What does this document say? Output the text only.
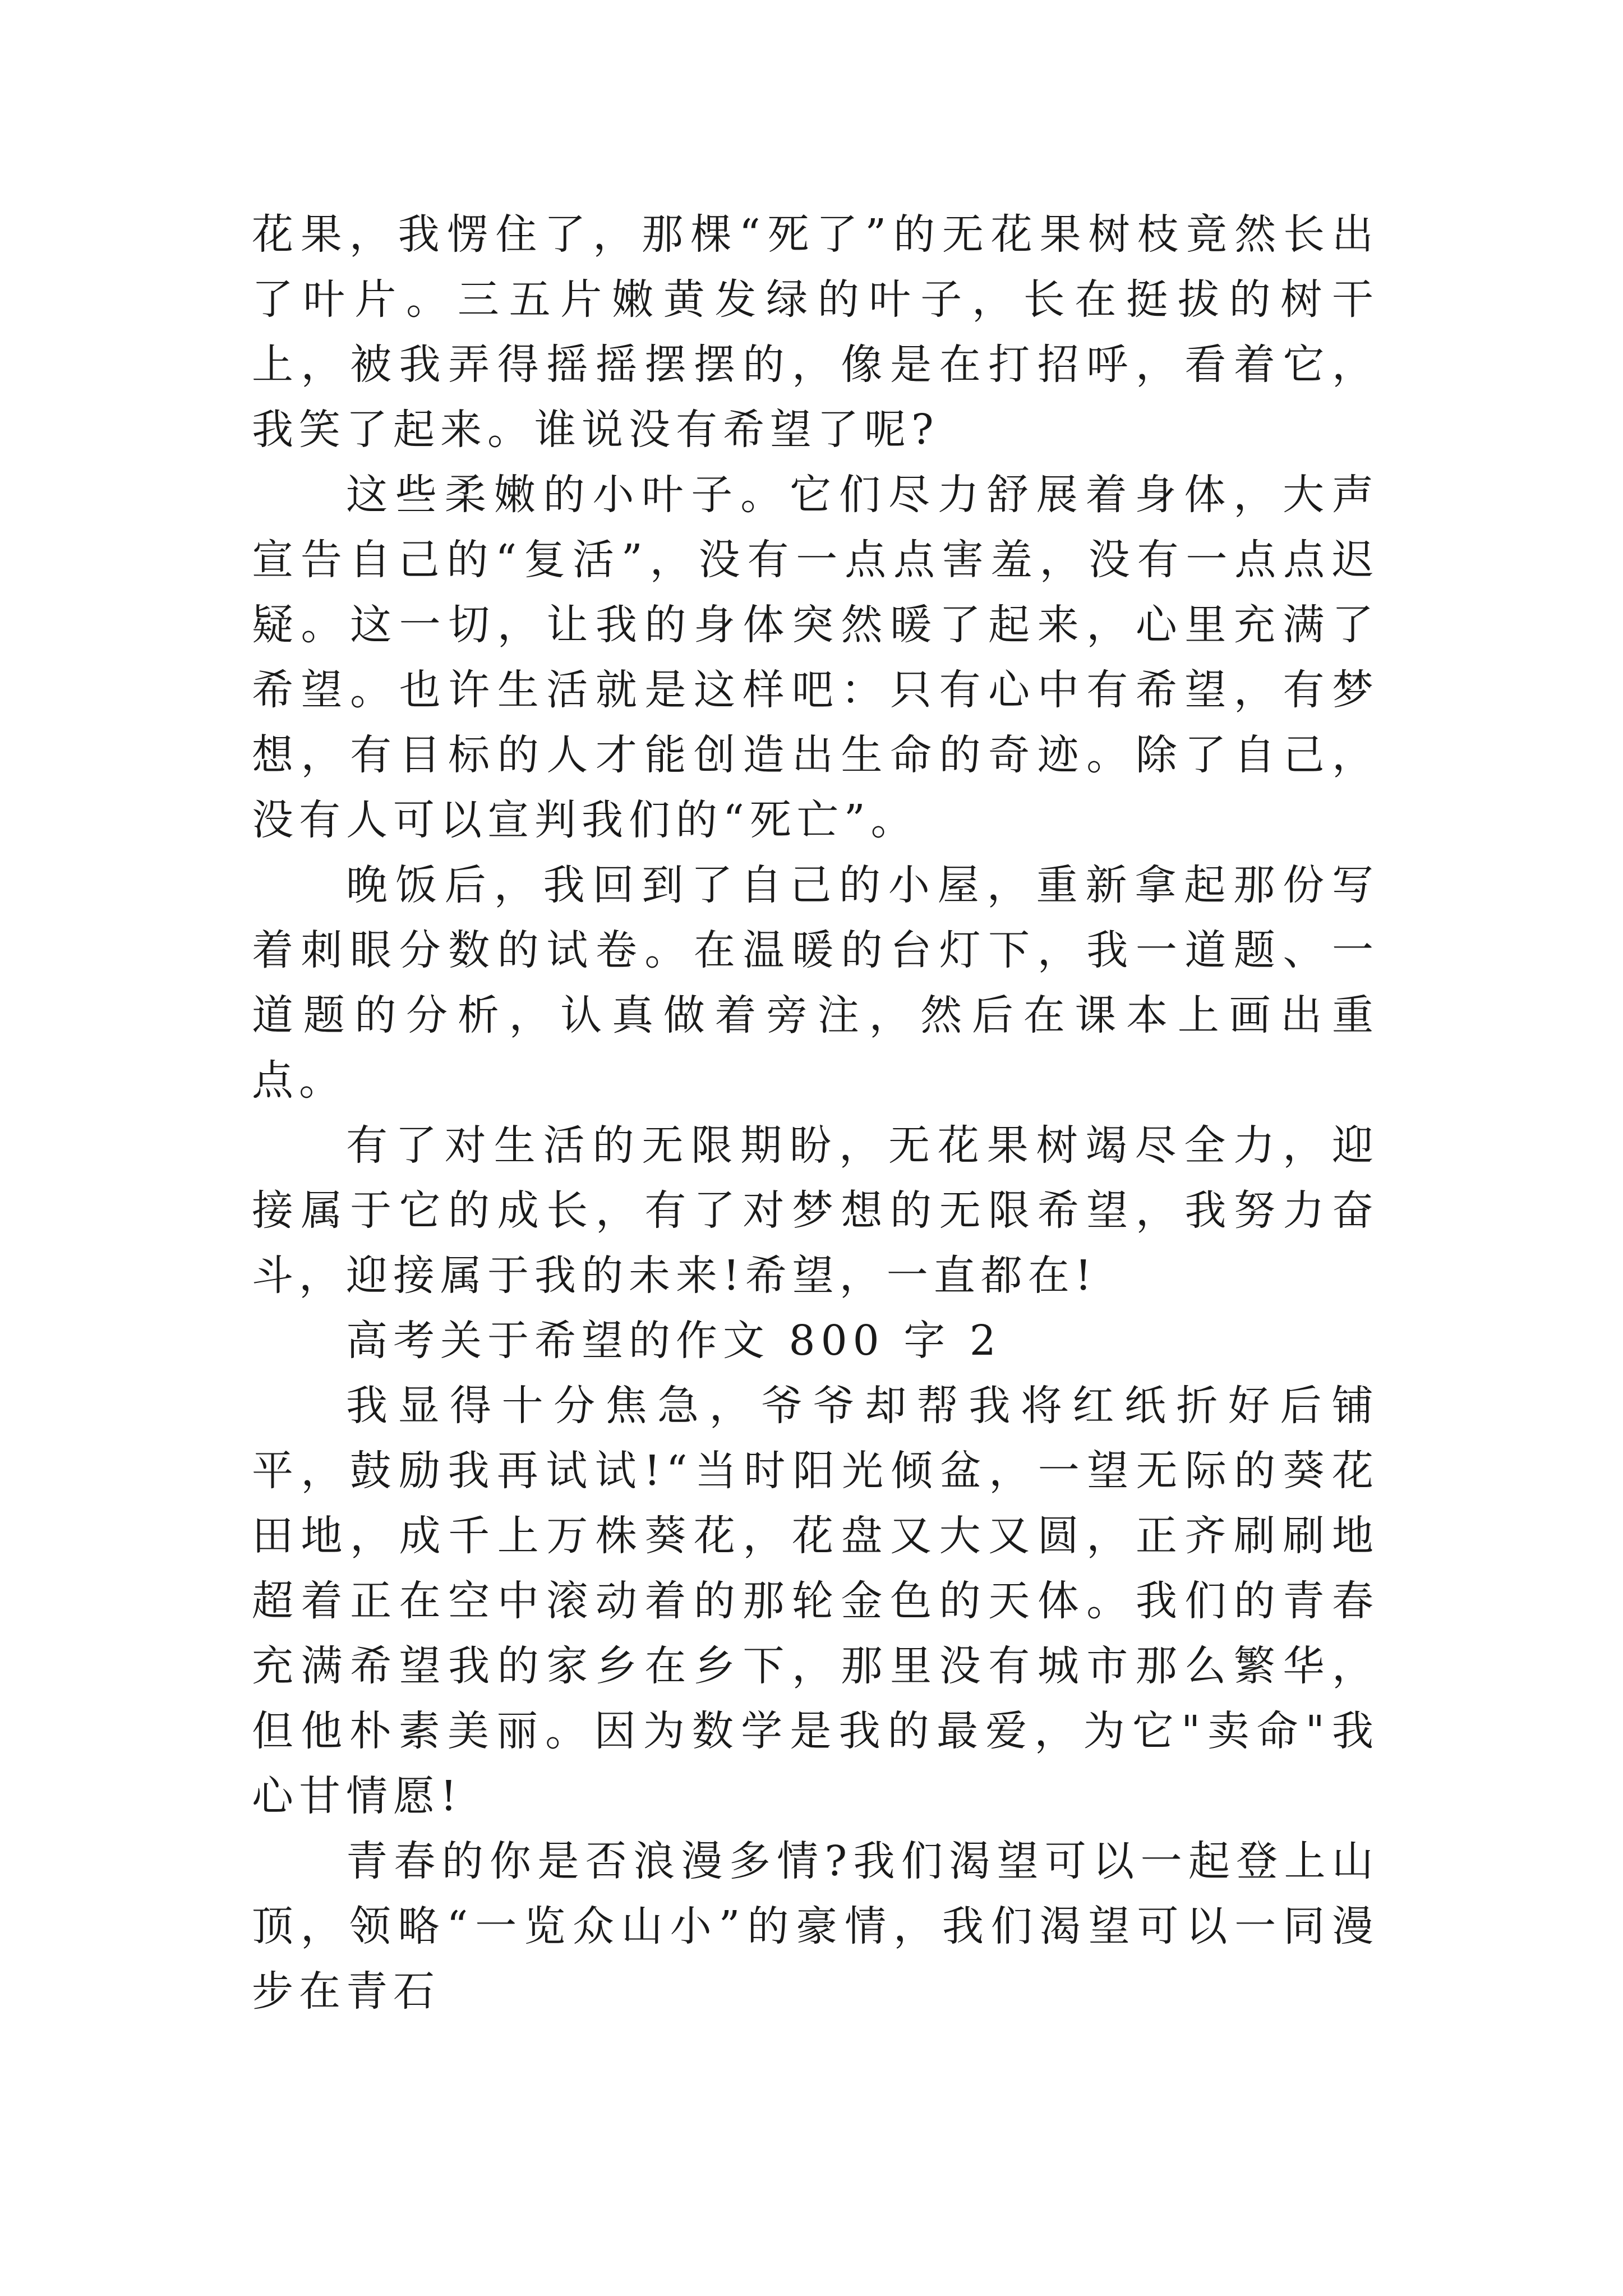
花果，我愣住了，那棵“死了”的无花果树枝竟然长出了叶片。三五片嫩黄发绿的叶子，长在挺拔的树干上，被我弄得摇摇摆摆的，像是在打招呼，看着它，我笑了起来。谁说没有希望了呢?

这些柔嫩的小叶子。它们尽力舒展着身体，大声宣告自己的“复活”，没有一点点害羞，没有一点点迟疑。这一切，让我的身体突然暖了起来，心里充满了希望。也许生活就是这样吧：只有心中有希望，有梦想，有目标的人才能创造出生命的奇迹。除了自己，没有人可以宣判我们的“死亡”。

晚饭后，我回到了自己的小屋，重新拿起那份写着刺眼分数的试卷。在温暖的台灯下，我一道题、一道题的分析，认真做着旁注，然后在课本上画出重点。

有了对生活的无限期盼，无花果树竭尽全力，迎接属于它的成长，有了对梦想的无限希望，我努力奋斗，迎接属于我的未来!希望，一直都在!

高考关于希望的作文 800 字 2

我显得十分焦急，爷爷却帮我将红纸折好后铺平，鼓励我再试试!“当时阳光倾盆，一望无际的葵花田地，成千上万株葵花，花盘又大又圆，正齐刷刷地超着正在空中滚动着的那轮金色的天体。我们的青春充满希望我的家乡在乡下，那里没有城市那么繁华，但他朴素美丽。因为数学是我的最爱，为它"卖命"我心甘情愿!

青春的你是否浪漫多情?我们渴望可以一起登上山顶，领略“一览众山小”的豪情，我们渴望可以一同漫步在青石
